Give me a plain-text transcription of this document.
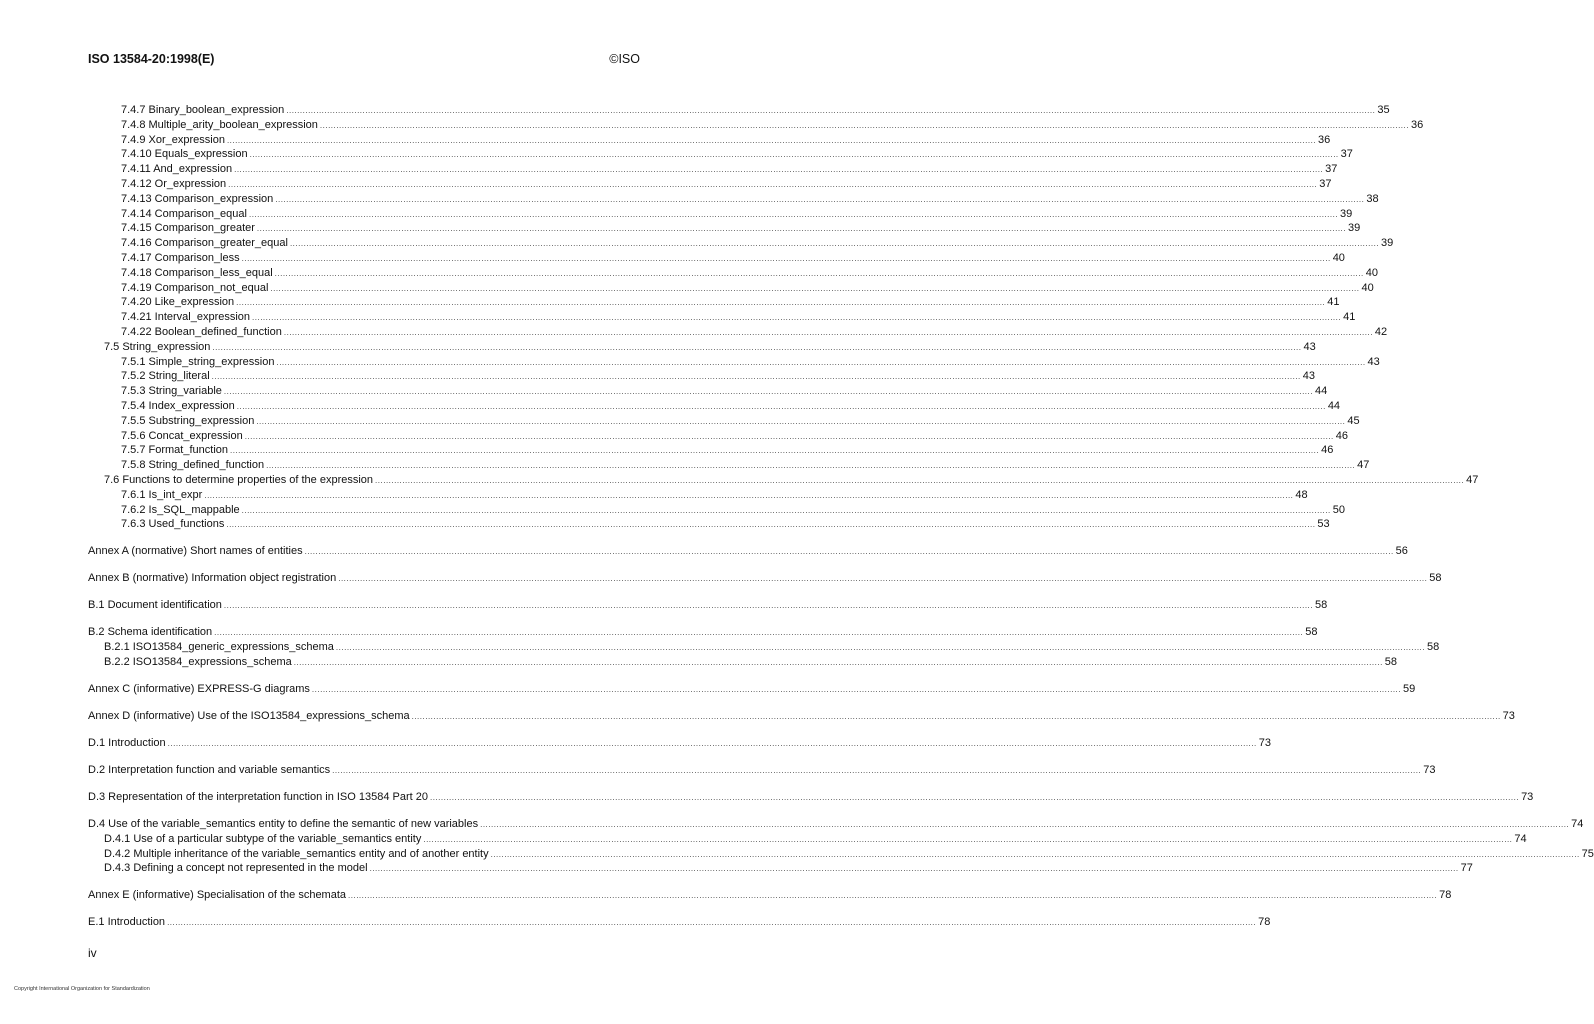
ISO 13584-20:1998(E)	©ISO
7.4.7 Binary_boolean_expression ................................................................................................................................................................................................................................................................................................................................................................................................................ 35
7.4.8 Multiple_arity_boolean_expression ................................................................................................................................................................................................................................................................................................................................................................................................................ 36
7.4.9 Xor_expression ................................................................................................................................................................................................................................................................................................................................................................................................................ 36
7.4.10 Equals_expression ................................................................................................................................................................................................................................................................................................................................................................................................................ 37
7.4.11 And_expression ................................................................................................................................................................................................................................................................................................................................................................................................................ 37
7.4.12 Or_expression ................................................................................................................................................................................................................................................................................................................................................................................................................ 37
7.4.13 Comparison_expression ................................................................................................................................................................................................................................................................................................................................................................................................................ 38
7.4.14 Comparison_equal ................................................................................................................................................................................................................................................................................................................................................................................................................ 39
7.4.15 Comparison_greater ................................................................................................................................................................................................................................................................................................................................................................................................................ 39
7.4.16 Comparison_greater_equal ................................................................................................................................................................................................................................................................................................................................................................................................................ 39
7.4.17 Comparison_less ................................................................................................................................................................................................................................................................................................................................................................................................................ 40
7.4.18 Comparison_less_equal ................................................................................................................................................................................................................................................................................................................................................................................................................ 40
7.4.19 Comparison_not_equal ................................................................................................................................................................................................................................................................................................................................................................................................................ 40
7.4.20 Like_expression ................................................................................................................................................................................................................................................................................................................................................................................................................ 41
7.4.21 Interval_expression ................................................................................................................................................................................................................................................................................................................................................................................................................ 41
7.4.22 Boolean_defined_function ................................................................................................................................................................................................................................................................................................................................................................................................................ 42
7.5 String_expression ................................................................................................................................................................................................................................................................................................................................................................................................................ 43
7.5.1 Simple_string_expression ................................................................................................................................................................................................................................................................................................................................................................................................................ 43
7.5.2 String_literal ................................................................................................................................................................................................................................................................................................................................................................................................................ 43
7.5.3 String_variable ................................................................................................................................................................................................................................................................................................................................................................................................................ 44
7.5.4 Index_expression ................................................................................................................................................................................................................................................................................................................................................................................................................ 44
7.5.5 Substring_expression ................................................................................................................................................................................................................................................................................................................................................................................................................ 45
7.5.6 Concat_expression ................................................................................................................................................................................................................................................................................................................................................................................................................ 46
7.5.7 Format_function ................................................................................................................................................................................................................................................................................................................................................................................................................ 46
7.5.8 String_defined_function ................................................................................................................................................................................................................................................................................................................................................................................................................ 47
7.6 Functions to determine properties of the expression ................................................................................................................................................................................................................................................................................................................................................................................................................ 47
7.6.1 Is_int_expr ................................................................................................................................................................................................................................................................................................................................................................................................................ 48
7.6.2 Is_SQL_mappable ................................................................................................................................................................................................................................................................................................................................................................................................................ 50
7.6.3 Used_functions ................................................................................................................................................................................................................................................................................................................................................................................................................ 53
Annex A (normative) Short names of entities ................................................................................................................................................................................................................................................................................................................................................................................................................ 56
Annex B (normative) Information object registration ................................................................................................................................................................................................................................................................................................................................................................................................................ 58
B.1 Document identification ................................................................................................................................................................................................................................................................................................................................................................................................................ 58
B.2 Schema identification ................................................................................................................................................................................................................................................................................................................................................................................................................ 58
B.2.1 ISO13584_generic_expressions_schema ................................................................................................................................................................................................................................................................................................................................................................................................................ 58
B.2.2 ISO13584_expressions_schema ................................................................................................................................................................................................................................................................................................................................................................................................................ 58
Annex C (informative) EXPRESS-G diagrams ................................................................................................................................................................................................................................................................................................................................................................................................................ 59
Annex D (informative) Use of the ISO13584_expressions_schema ................................................................................................................................................................................................................................................................................................................................................................................................................ 73
D.1 Introduction ................................................................................................................................................................................................................................................................................................................................................................................................................ 73
D.2 Interpretation function and variable semantics ................................................................................................................................................................................................................................................................................................................................................................................................................ 73
D.3 Representation of the interpretation function in ISO 13584 Part 20 ................................................................................................................................................................................................................................................................................................................................................................................................................ 73
D.4 Use of the variable_semantics entity to define the semantic of new variables ................................................................................................................................................................................................................................................................................................................................................................................................................ 74
D.4.1 Use of a particular subtype of the variable_semantics entity ................................................................................................................................................................................................................................................................................................................................................................................................................ 74
D.4.2 Multiple inheritance of the variable_semantics entity and of another entity ................................................................................................................................................................................................................................................................................................................................................................................................................ 75
D.4.3 Defining a concept not represented in the model ................................................................................................................................................................................................................................................................................................................................................................................................................ 77
Annex E (informative) Specialisation of the schemata ................................................................................................................................................................................................................................................................................................................................................................................................................ 78
E.1 Introduction ................................................................................................................................................................................................................................................................................................................................................................................................................ 78
iv
Copyright International Organization for Standardization
